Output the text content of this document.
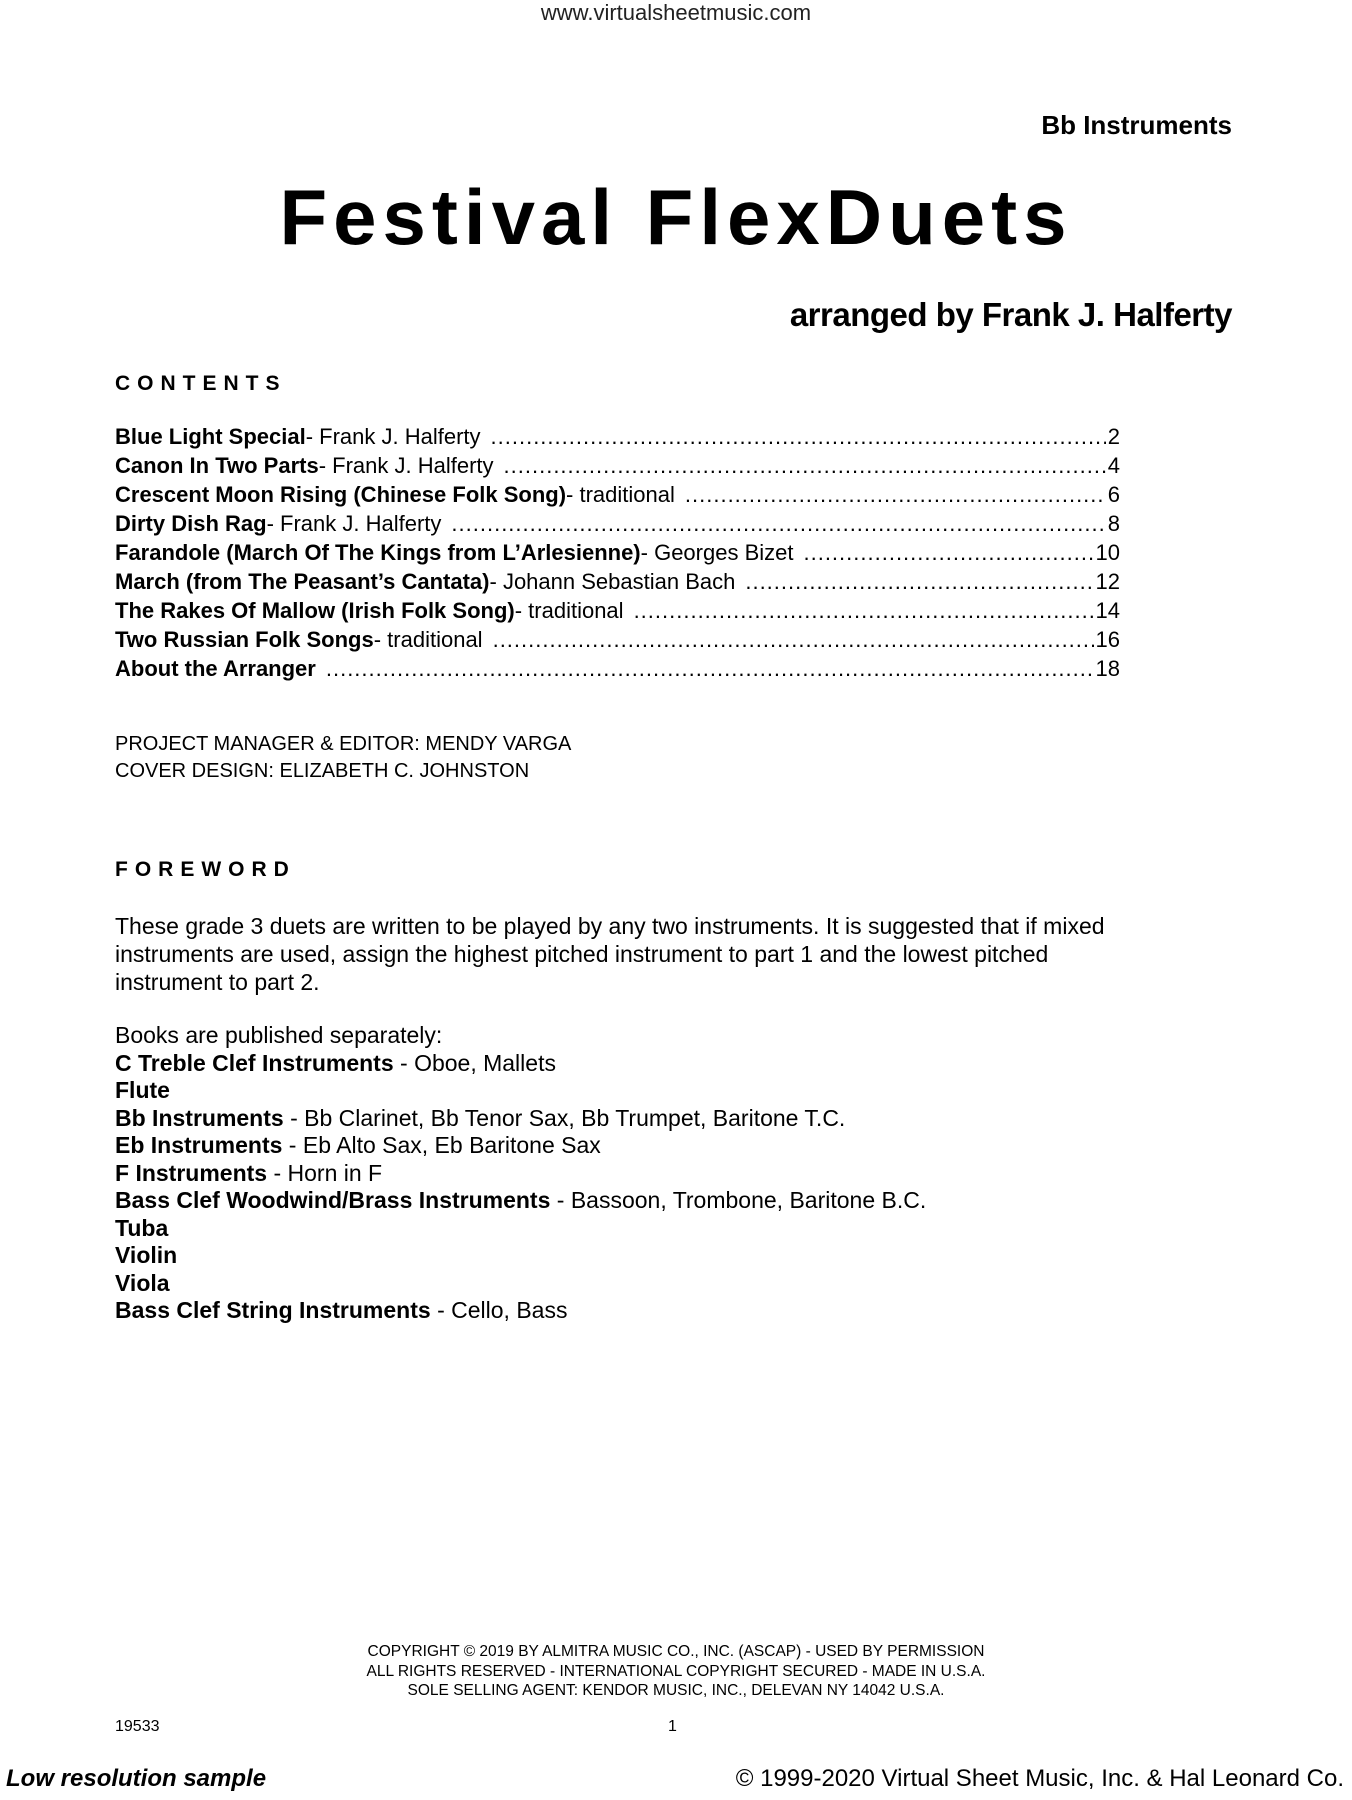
www.virtualsheetmusic.com
Bb Instruments
Festival FlexDuets
arranged by Frank J. Halferty
CONTENTS
Blue Light Special - Frank J. Halferty .....	2
Canon In Two Parts - Frank J. Halferty .....	4
Crescent Moon Rising (Chinese Folk Song) - traditional .....	6
Dirty Dish Rag - Frank J. Halferty .....	8
Farandole (March Of The Kings from L’Arlesienne) - Georges Bizet .....	10
March (from The Peasant’s Cantata) - Johann Sebastian Bach .....	12
The Rakes Of Mallow (Irish Folk Song) - traditional .....	14
Two Russian Folk Songs - traditional .....	16
About the Arranger .....	18
PROJECT MANAGER & EDITOR: MENDY VARGA
COVER DESIGN: ELIZABETH C. JOHNSTON
FOREWORD
These grade 3 duets are written to be played by any two instruments. It is suggested that if mixed instruments are used, assign the highest pitched instrument to part 1 and the lowest pitched instrument to part 2.
Books are published separately:
C Treble Clef Instruments - Oboe, Mallets
Flute
Bb Instruments - Bb Clarinet, Bb Tenor Sax, Bb Trumpet, Baritone T.C.
Eb Instruments - Eb Alto Sax, Eb Baritone Sax
F Instruments - Horn in F
Bass Clef Woodwind/Brass Instruments - Bassoon, Trombone, Baritone B.C.
Tuba
Violin
Viola
Bass Clef String Instruments - Cello, Bass
COPYRIGHT © 2019 BY ALMITRA MUSIC CO., INC. (ASCAP) - USED BY PERMISSION
ALL RIGHTS RESERVED - INTERNATIONAL COPYRIGHT SECURED - MADE IN U.S.A.
SOLE SELLING AGENT: KENDOR MUSIC, INC., DELEVAN NY 14042 U.S.A.
19533	1
Low resolution sample	© 1999-2020 Virtual Sheet Music, Inc. & Hal Leonard Co.
